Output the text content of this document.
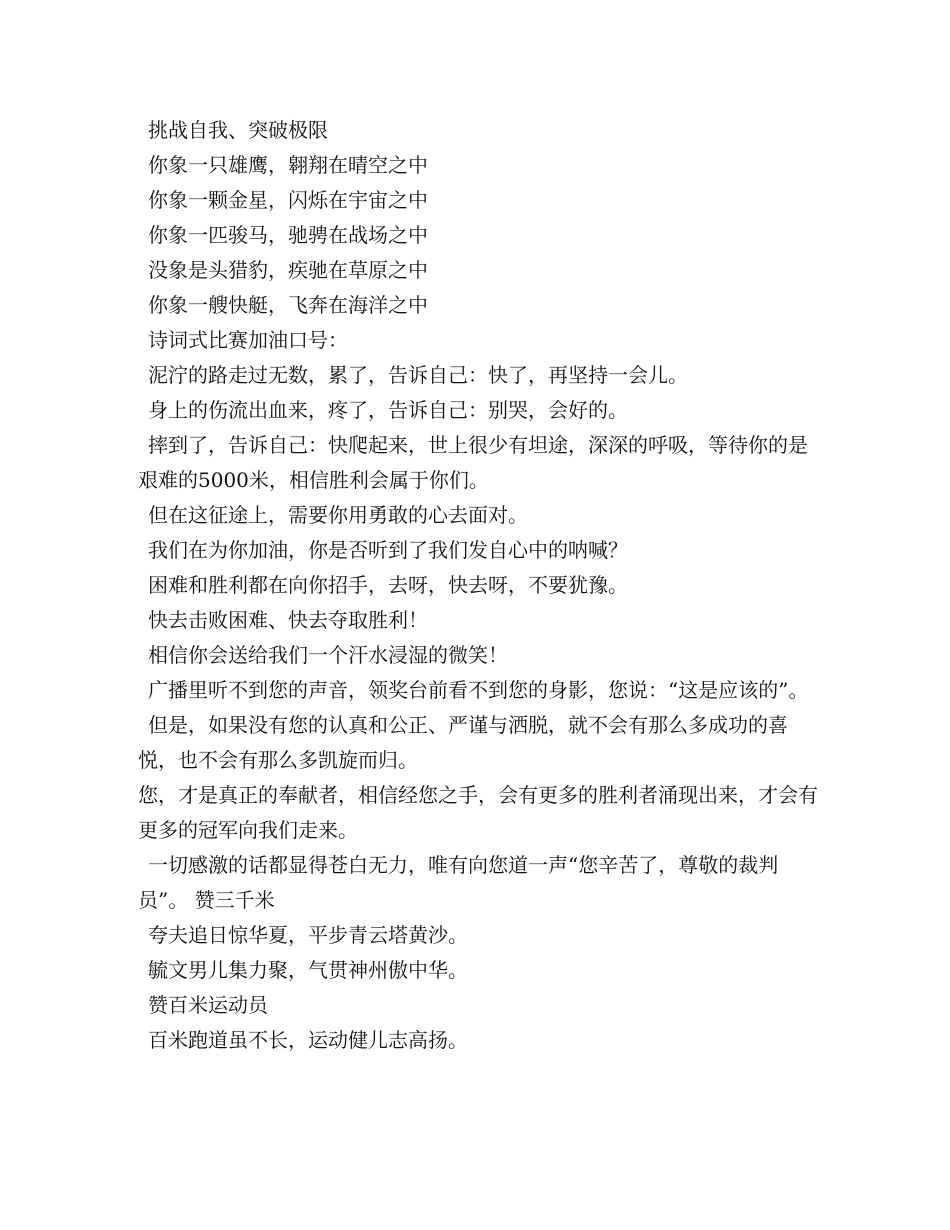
挑战自我、突破极限

你象一只雄鹰，翱翔在晴空之中

你象一颗金星，闪烁在宇宙之中

你象一匹骏马，驰骋在战场之中

没象是头猎豹，疾驰在草原之中

你象一艘快艇，飞奔在海洋之中

诗词式比赛加油口号：

泥泞的路走过无数，累了，告诉自己：快了，再坚持一会儿。

身上的伤流出血来，疼了，告诉自己：别哭，会好的。

摔到了，告诉自己：快爬起来，世上很少有坦途，深深的呼吸，等待你的是艰难的5000米，相信胜利会属于你们。

但在这征途上，需要你用勇敢的心去面对。

我们在为你加油，你是否听到了我们发自心中的呐喊？

困难和胜利都在向你招手，去呀，快去呀，不要犹豫。

快去击败困难、快去夺取胜利！

相信你会送给我们一个汗水浸湿的微笑！

广播里听不到您的声音，领奖台前看不到您的身影，您说：“这是应该的”。

但是，如果没有您的认真和公正、严谨与洒脱，就不会有那么多成功的喜悦，也不会有那么多凯旋而归。

您，才是真正的奉献者，相信经您之手，会有更多的胜利者涌现出来，才会有更多的冠军向我们走来。

一切感激的话都显得苍白无力，唯有向您道一声“您辛苦了，尊敬的裁判员”。 赞三千米

夸夫追日惊华夏，平步青云塔黄沙。

毓文男儿集力聚，气贯神州傲中华。

赞百米运动员

百米跑道虽不长，运动健儿志高扬。
